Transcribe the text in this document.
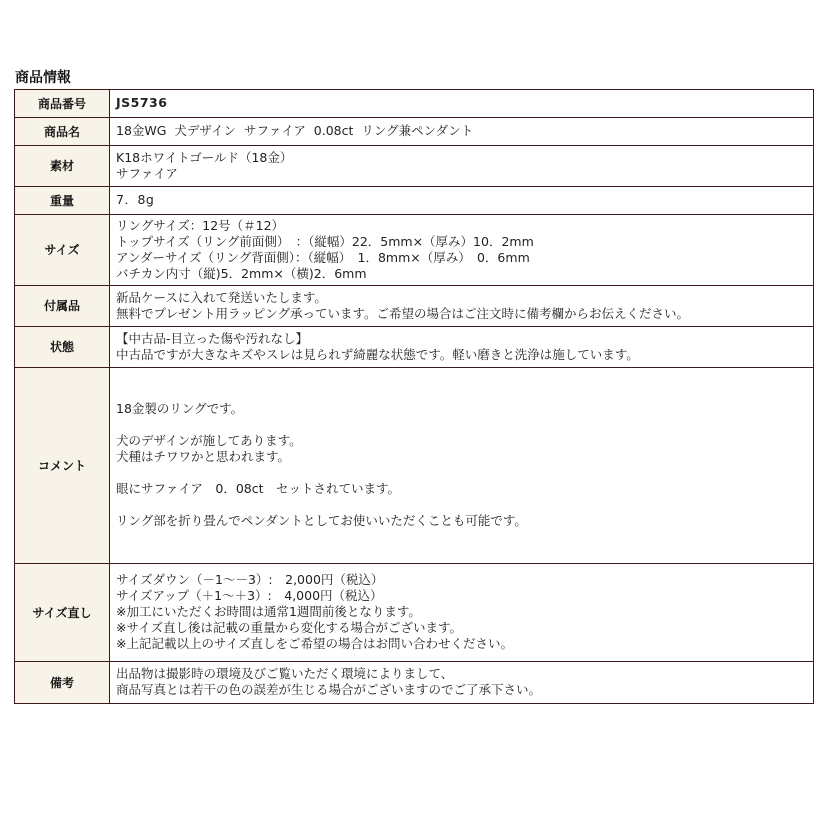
商品情報
商品番号	JS5736
商品名	18金WG  犬デザイン  サファイア  0.08ct  リング兼ペンダント

素材	K18ホワイトゴールド（18金）
サファイア

重量	7．8g

サイズ	リングサイズ：12号（＃12）
トップサイズ（リング前面側）　：（縦幅）22．5mm×（厚み）10．2mm
アンダーサイズ（リング背面側）：（縦幅）　1．8mm×（厚み）　0．6mm
バチカン内寸（縦)5．2mm×（横)2．6mm

付属品	新品ケースに入れて発送いたします。
無料でプレゼント用ラッピング承っています。ご希望の場合はご注文時に備考欄からお伝えください。

状態	【中古品-目立った傷や汚れなし】
中古品ですが大きなキズやスレは見られず綺麗な状態です。軽い磨きと洗浄は施しています。

コメント	18金製のリングです。
犬のデザインが施してあります。
犬種はチワワかと思われます。
眼にサファイア　0．08ct　セットされています。
リング部を折り畳んでペンダントとしてお使いいただくことも可能です。

サイズ直し	サイズダウン（－1～－3）:　2,000円（税込）
サイズアップ（＋1～＋3）:　4,000円（税込）
※加工にいただくお時間は通常1週間前後となります。
※サイズ直し後は記載の重量から変化する場合がございます。
※上記記載以上のサイズ直しをご希望の場合はお問い合わせください。

備考	出品物は撮影時の環境及びご覧いただく環境によりまして、
商品写真とは若干の色の誤差が生じる場合がございますのでご了承下さい。
